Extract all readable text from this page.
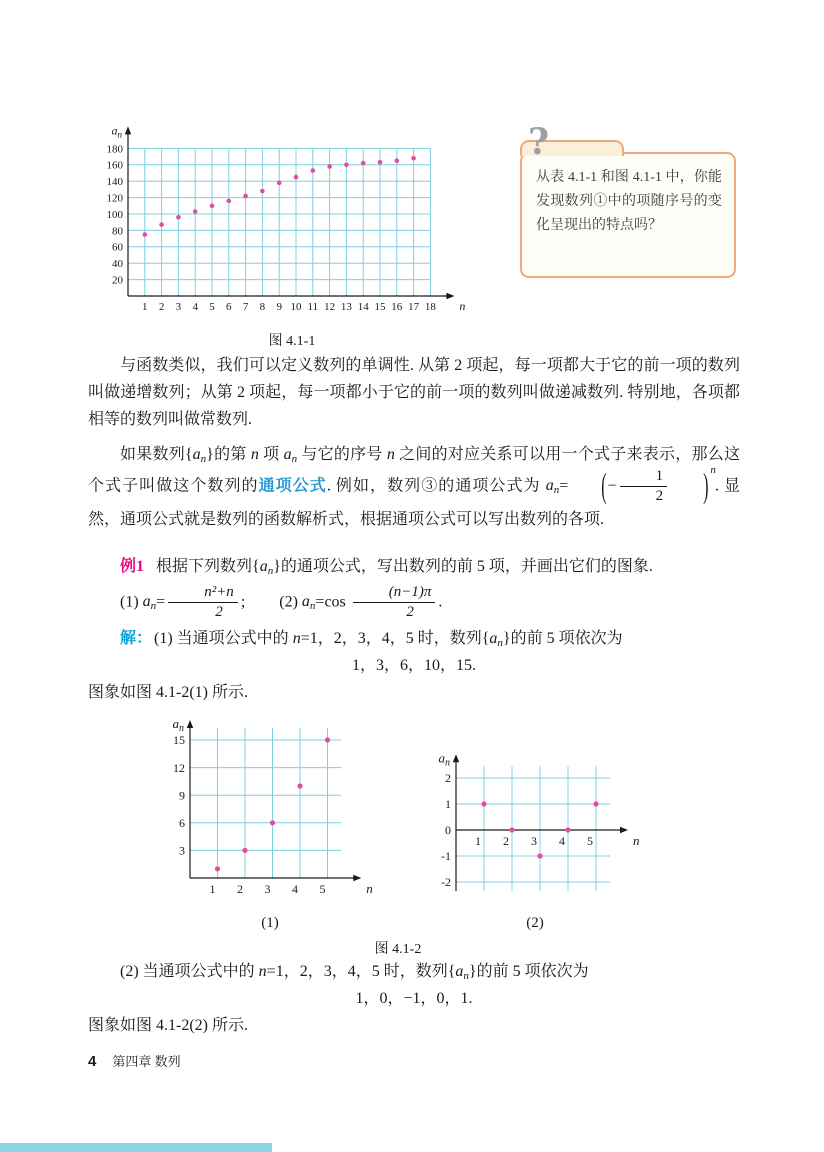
20
40
60
80
100
120
140
160
180
1 2 3 4 5 6 7 8 9 10 11 12 13 14 15 16 17 18
$a_n$
n
图 4.1-1
?

从表 4.1-1 和图 4.1-1 中，你能发现数列①中的项随序号的变化呈现出的特点吗？

与函数类似，我们可以定义数列的单调性. 从第 2 项起，每一项都大于它的前一项的数列叫做递增数列；从第 2 项起，每一项都小于它的前一项的数列叫做递减数列. 特别地，各项都相等的数列叫做常数列.

如果数列$\{a_n\}$的第 n 项 $a_n$ 与它的序号 n 之间的对应关系可以用一个式子来表示，那么这个式子叫做这个数列的通项公式. 例如，数列③的通项公式为 $a_n=$ (− $\frac{1}{2}$ ) $^n$. 显然，通项公式就是数列的函数解析式，根据通项公式可以写出数列的各项.

例1 根据下列数列$\{a_n\}$的通项公式，写出数列的前 5 项，并画出它们的图象.

(1) $a_n= \frac{\text{n²+n}}{2}$ ; (2) $a_n=\cos \frac{(n-1)\pi}{2}$ .

解： (1) 当通项公式中的 n=1，2，3，4，5 时，数列$\{a_n\}$的前 5 项依次为

1，3，6，10，15.

图象如图 4.1-2(1) 所示.

3
6
9
12
15
1 2 3 4 5
$a_n$
n
(1)
2
1
0
-1
-2
1 2 3 4 5
$a_n$
n
(2)
图 4.1-2

(2) 当通项公式中的 n=1，2，3，4，5 时，数列$\{a_n\}$的前 5 项依次为

1，0，−1，0，1.

图象如图 4.1-2(2) 所示.

4 第四章 数列
